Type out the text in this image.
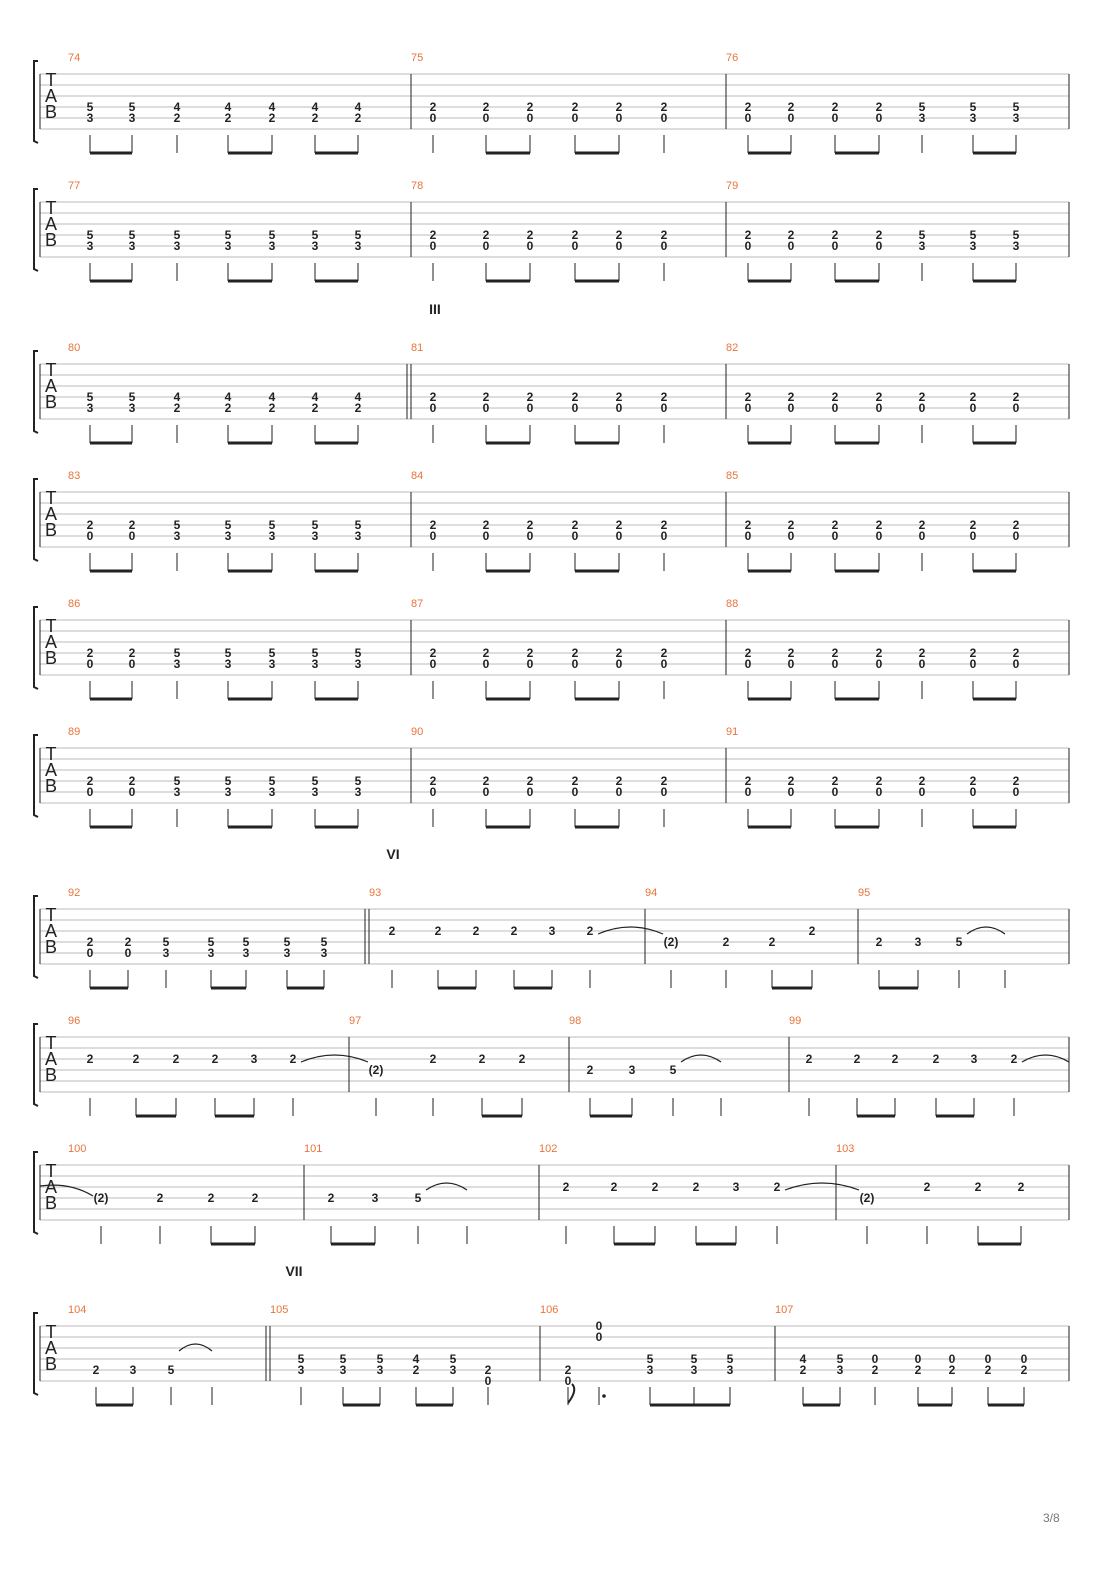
T
A
B
74
5
3
5
3
4
2
4
2
4
2
4
2
4
2
75
2
0
2
0
2
0
2
0
2
0
2
0
76
2
0
2
0
2
0
2
0
5
3
5
3
5
3
T
A
B
77
5
3
5
3
5
3
5
3
5
3
5
3
5
3
78
2
0
2
0
2
0
2
0
2
0
2
0
79
2
0
2
0
2
0
2
0
5
3
5
3
5
3
T
A
B
III
80
5
3
5
3
4
2
4
2
4
2
4
2
4
2
81
2
0
2
0
2
0
2
0
2
0
2
0
82
2
0
2
0
2
0
2
0
2
0
2
0
2
0
T
A
B
83
2
0
2
0
5
3
5
3
5
3
5
3
5
3
84
2
0
2
0
2
0
2
0
2
0
2
0
85
2
0
2
0
2
0
2
0
2
0
2
0
2
0
T
A
B
86
2
0
2
0
5
3
5
3
5
3
5
3
5
3
87
2
0
2
0
2
0
2
0
2
0
2
0
88
2
0
2
0
2
0
2
0
2
0
2
0
2
0
T
A
B
89
2
0
2
0
5
3
5
3
5
3
5
3
5
3
90
2
0
2
0
2
0
2
0
2
0
2
0
91
2
0
2
0
2
0
2
0
2
0
2
0
2
0
T
A
B
VI
92
2
0
2
0
5
3
5
3
5
3
5
3
5
3
93
2	2	2	2	3	2
94
(2)	2	2
2
95
2	3	5
T
A
B
96
2	2	2	2	3	2
97
(2)
2	2	2
98
2	3	5
99
2	2	2	2	3	2
T
A
B
100
(2)	2	2	2
101
2	3	5
102
2	2	2	2	3	2
103
(2)
2	2	2
T
A
B
VII
104
2	3	5
105
5
3
5
3
5
3
4
2
5
3 2
0
106
2
0
0
0
5
3
5
3
5
3
107
4
2
5
3
0
2
0
2
0
2
0
2
0
2
3/8
